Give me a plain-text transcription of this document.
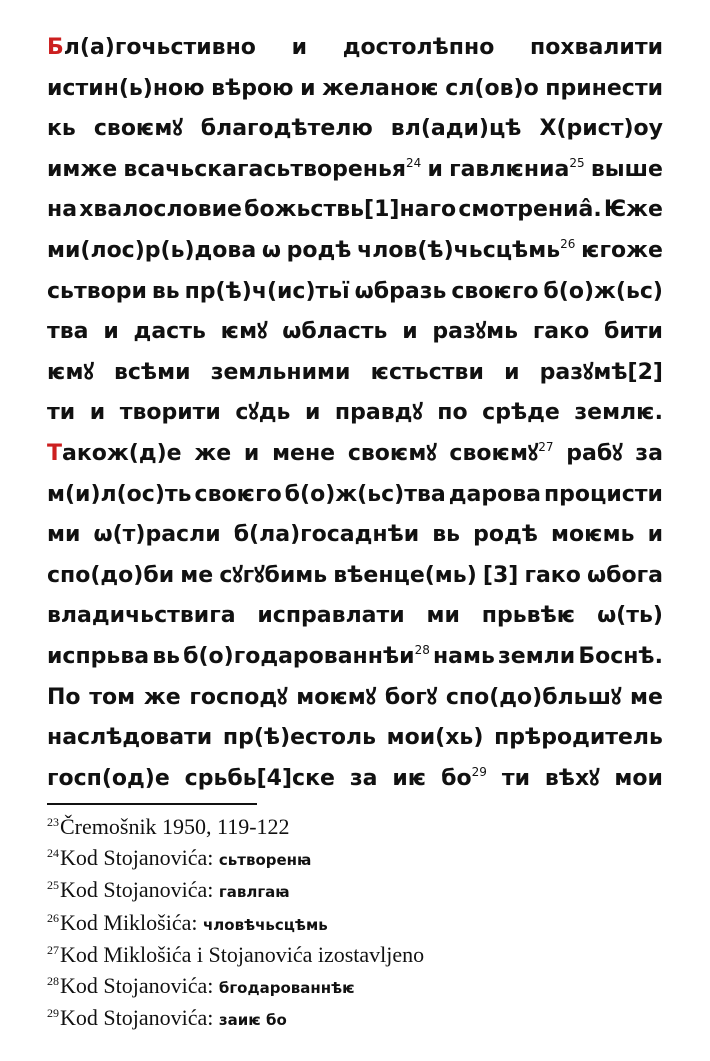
Бл(а)гочьстивно и достолѣпно похвалити
истин(ь)ною вѣрою и желаноѥ сл(ов)о принести
кь своѥмꙋ благодѣтелю вл(ади)цѣ Х(рист)оу
имже всачьскагасьтворенья$^{24}$ и гавлѥниа$^{25}$ выше
на хвалословие божьствь[1]наго смотрениâ. Ѥже
ми(лос)р(ь)дова ѡ родѣ члов(ѣ)чьсцѣмь$^{26}$ ѥгоже
сьтвори вь пр(ѣ)ч(ис)тьї ѡбразь своѥго б(о)ж(ьс)
тва и дасть ѥмꙋ ѡбласть и разꙋмь гако бити
ѥмꙋ всѣми земльними ѥстьстви и разꙋмѣ[2]
ти и творити сꙋдь и правдꙋ по срѣде землѥ.
Також(д)е же и мене своѥмꙋ своѥмꙋ$^{27}$ рабꙋ за
м(и)л(ос)ть своѥго б(о)ж(ьс)тва дарова процисти
ми ѡ(т)расли б(ла)госаднѣи вь родѣ моѥмь и
спо(до)би ме сꙋгꙋбимь вѣенце(мь) [3] гако ѡбога
владичьствига исправлати ми прьвѣѥ ѡ(ть)
испрьва вь б(о)годарованнѣи$^{28}$ намь земли Боснѣ.
По том же господꙋ моѥмꙋ богꙋ спо(до)бльшꙋ ме
наслѣдовати пр(ѣ)естоль мои(хь) прѣродитель
госп(од)е срьбь[4]ске за иѥ $бо^{29}$ ти вѣхꙋ мои
$^{23}$Čremošnik 1950, 119-122
$^{24}$Kod Stojanovića: сьтворенꙗ
$^{25}$Kod Stojanovića: гавлгаꙗ
$^{26}$Kod Miklošića: чловѣчьсцѣмь
$^{27}$Kod Miklošića i Stojanovića izostavljeno
$^{28}$Kod Stojanovića: бгодарованнѣѥ
$^{29}$Kod Stojanovića: заиѥ бо
